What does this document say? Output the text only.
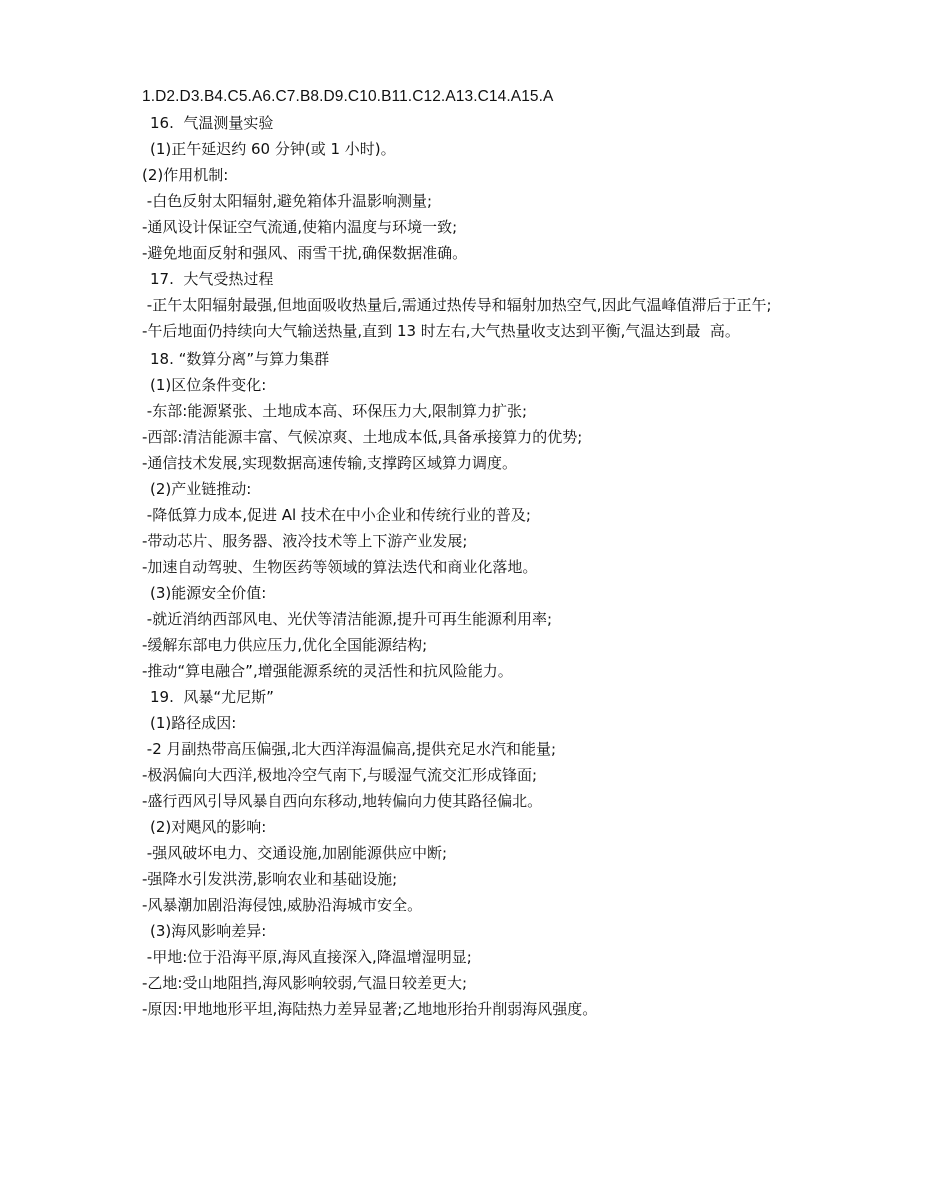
1.D2.D3.B4.C5.A6.C7.B8.D9.C10.B11.C12.A13.C14.A15.A

16.  气温测量实验

(1)正午延迟约 60 分钟(或 1 小时)。

(2)作用机制:

-白色反射太阳辐射,避免箱体升温影响测量;

-通风设计保证空气流通,使箱内温度与环境一致;

-避免地面反射和强风、雨雪干扰,确保数据准确。

17.  大气受热过程

-正午太阳辐射最强,但地面吸收热量后,需通过热传导和辐射加热空气,因此气温峰值滞后于正午;

-午后地面仍持续向大气输送热量,直到 13 时左右,大气热量收支达到平衡,气温达到最  高。

18. “数算分离”与算力集群

(1)区位条件变化:

-东部:能源紧张、土地成本高、环保压力大,限制算力扩张;

-西部:清洁能源丰富、气候凉爽、土地成本低,具备承接算力的优势;

-通信技术发展,实现数据高速传输,支撑跨区域算力调度。

(2)产业链推动:

-降低算力成本,促进 Al 技术在中小企业和传统行业的普及;

-带动芯片、服务器、液冷技术等上下游产业发展;

-加速自动驾驶、生物医药等领域的算法迭代和商业化落地。

(3)能源安全价值:

-就近消纳西部风电、光伏等清洁能源,提升可再生能源利用率;

-缓解东部电力供应压力,优化全国能源结构;

-推动“算电融合”,增强能源系统的灵活性和抗风险能力。

19.  风暴“尤尼斯”

(1)路径成因:

-2 月副热带高压偏强,北大西洋海温偏高,提供充足水汽和能量;

-极涡偏向大西洋,极地冷空气南下,与暖湿气流交汇形成锋面;

-盛行西风引导风暴自西向东移动,地转偏向力使其路径偏北。

(2)对飓风的影响:

-强风破坏电力、交通设施,加剧能源供应中断;

-强降水引发洪涝,影响农业和基础设施;

-风暴潮加剧沿海侵蚀,威胁沿海城市安全。

(3)海风影响差异:

-甲地:位于沿海平原,海风直接深入,降温增湿明显;

-乙地:受山地阻挡,海风影响较弱,气温日较差更大;

-原因:甲地地形平坦,海陆热力差异显著;乙地地形抬升削弱海风强度。
